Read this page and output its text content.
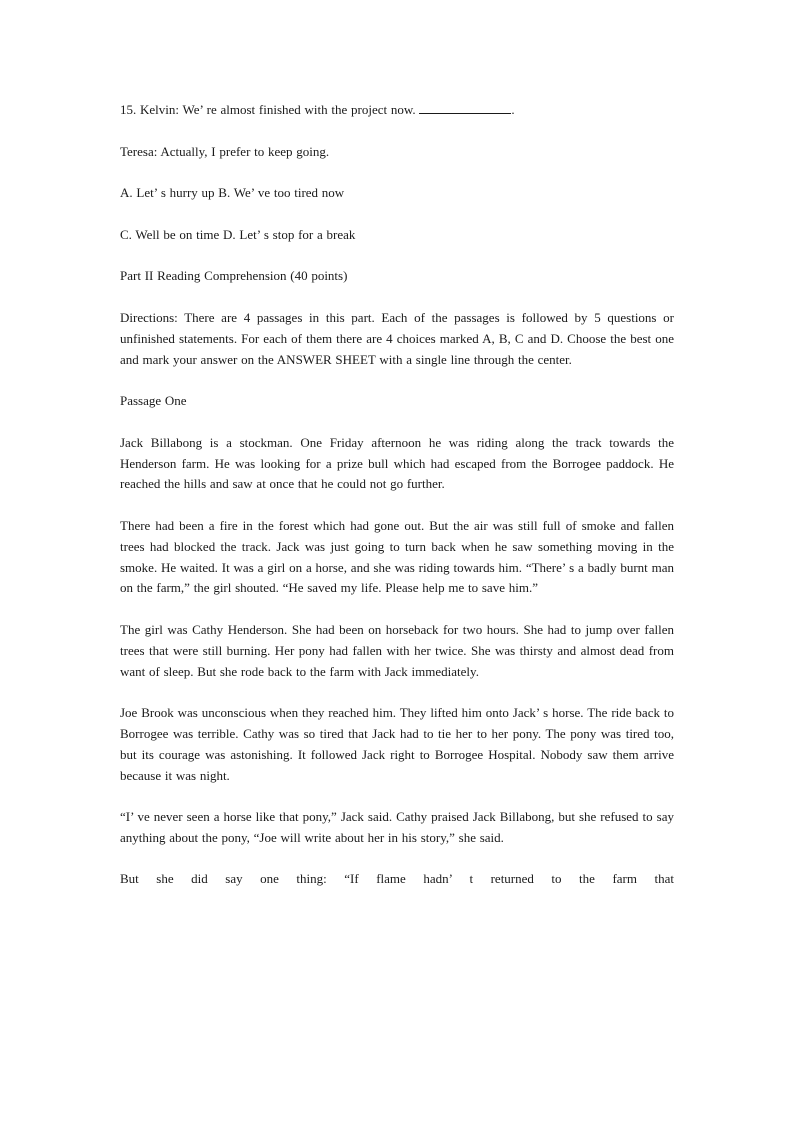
15. Kelvin: We’ re almost finished with the project now.	.

Teresa: Actually, I prefer to keep going.

A. Let’ s hurry up B. We’ ve too tired now

C. Well be on time D. Let’ s stop for a break

Part II Reading Comprehension (40 points)

Directions: There are 4 passages in this part. Each of the passages is followed by 5 questions or unfinished statements. For each of them there are 4 choices marked A, B, C and D. Choose the best one and mark your answer on the ANSWER SHEET with a single line through the center.

Passage One

Jack Billabong is a stockman. One Friday afternoon he was riding along the track towards the Henderson farm. He was looking for a prize bull which had escaped from the Borrogee paddock. He reached the hills and saw at once that he could not go further.

There had been a fire in the forest which had gone out. But the air was still full of smoke and fallen trees had blocked the track. Jack was just going to turn back when he saw something moving in the smoke. He waited. It was a girl on a horse, and she was riding towards him. “There’ s a badly burnt man on the farm,” the girl shouted. “He saved my life. Please help me to save him.”

The girl was Cathy Henderson. She had been on horseback for two hours. She had to jump over fallen trees that were still burning. Her pony had fallen with her twice. She was thirsty and almost dead from want of sleep. But she rode back to the farm with Jack immediately.

Joe Brook was unconscious when they reached him. They lifted him onto Jack’ s horse. The ride back to Borrogee was terrible. Cathy was so tired that Jack had to tie her to her pony. The pony was tired too, but its courage was astonishing. It followed Jack right to Borrogee Hospital. Nobody saw them arrive because it was night.

“I’ ve never seen a horse like that pony,” Jack said. Cathy praised Jack Billabong, but she refused to say anything about the pony, “Joe will write about her in his story,” she said.

But she did say one thing: “If flame hadn’ t returned to the farm that
